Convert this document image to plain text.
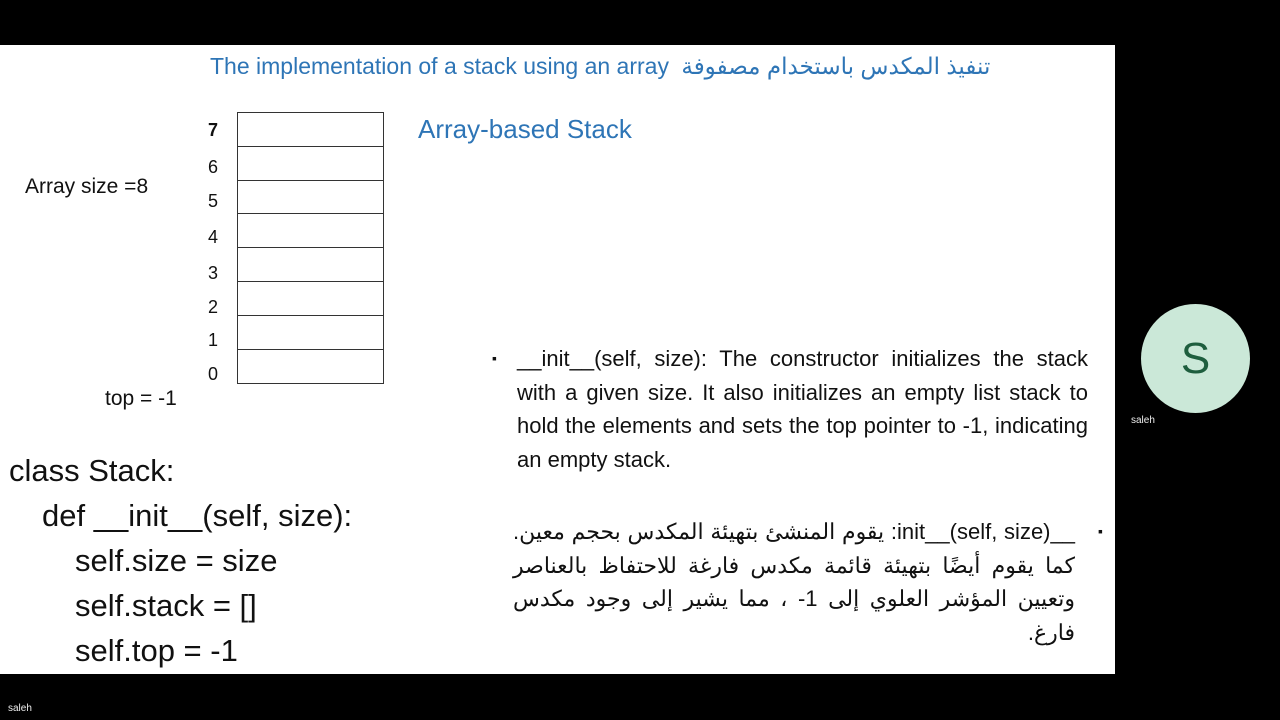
The implementation of a stack using an array تنفيذ المكدس باستخدام مصفوفة
Array-based Stack
Array size =8
7
6
5
4
3
2
1
0
top = -1
class Stack:
def __init__(self, size):
self.size = size
self.stack = []
self.top = -1
▪ __init__(self, size): The constructor initializes the stack with a given size. It also initializes an empty list stack to hold the elements and sets the top pointer to -1, indicating an empty stack.
▪
__init__(self, size): يقوم المنشئ بتهيئة المكدس بحجم معين. كما يقوم أيضًا بتهيئة قائمة مكدس فارغة للاحتفاظ بالعناصر وتعيين المؤشر العلوي إلى 1- ، مما يشير إلى وجود مكدس فارغ.
S
saleh
saleh
